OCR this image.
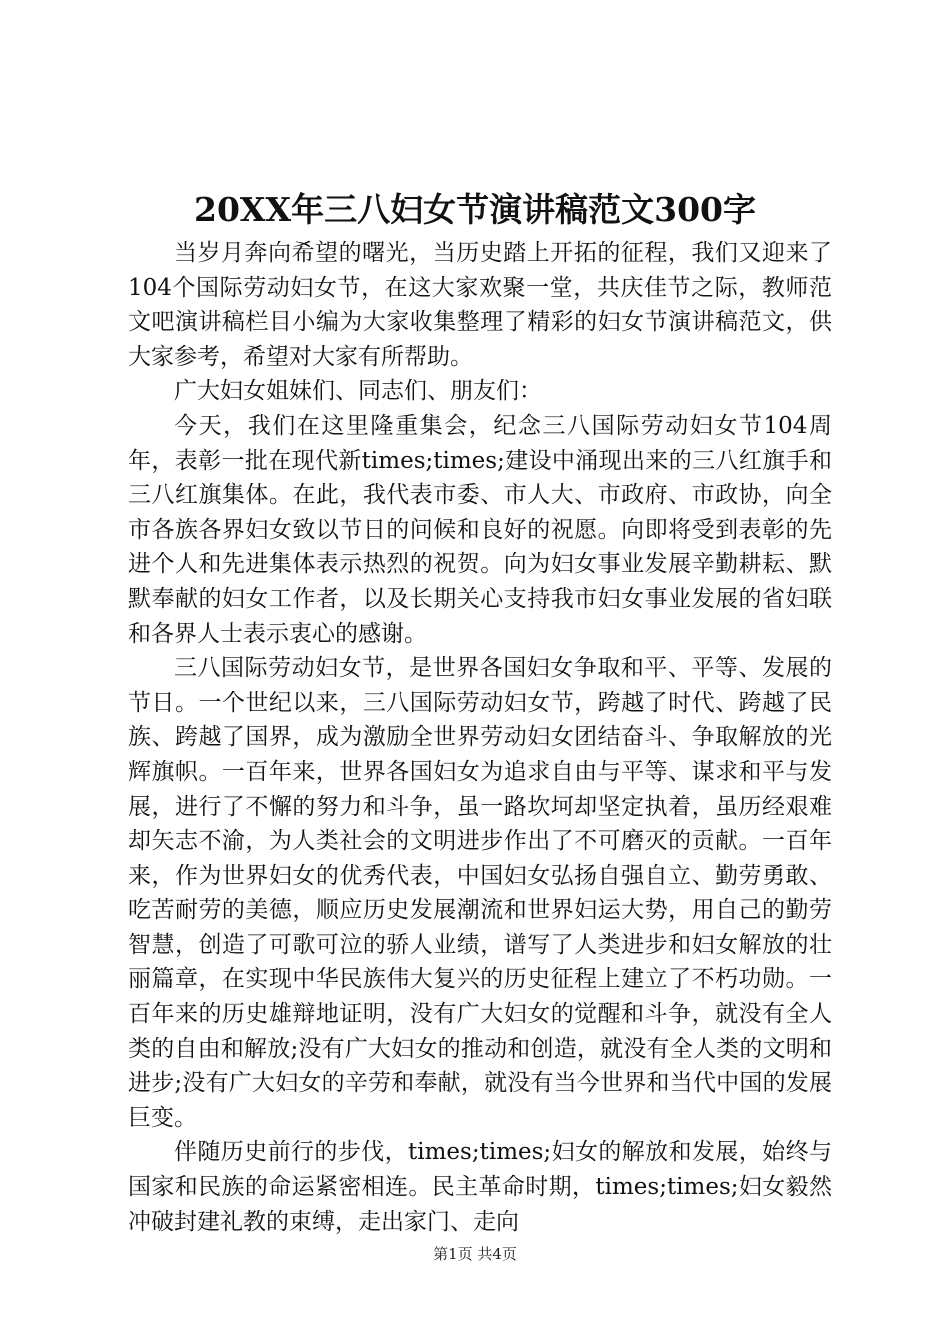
20XX年三八妇女节演讲稿范文300字

当岁月奔向希望的曙光，当历史踏上开拓的征程，我们又迎来了104个国际劳动妇女节，在这大家欢聚一堂，共庆佳节之际，教师范文吧演讲稿栏目小编为大家收集整理了精彩的妇女节演讲稿范文，供大家参考，希望对大家有所帮助。

广大妇女姐妹们、同志们、朋友们：

今天，我们在这里隆重集会，纪念三八国际劳动妇女节104周年，表彰一批在现代新times;times;建设中涌现出来的三八红旗手和三八红旗集体。在此，我代表市委、市人大、市政府、市政协，向全市各族各界妇女致以节日的问候和良好的祝愿。向即将受到表彰的先进个人和先进集体表示热烈的祝贺。向为妇女事业发展辛勤耕耘、默默奉献的妇女工作者，以及长期关心支持我市妇女事业发展的省妇联和各界人士表示衷心的感谢。

三八国际劳动妇女节，是世界各国妇女争取和平、平等、发展的节日。一个世纪以来，三八国际劳动妇女节，跨越了时代、跨越了民族、跨越了国界，成为激励全世界劳动妇女团结奋斗、争取解放的光辉旗帜。一百年来，世界各国妇女为追求自由与平等、谋求和平与发展，进行了不懈的努力和斗争，虽一路坎坷却坚定执着，虽历经艰难却矢志不渝，为人类社会的文明进步作出了不可磨灭的贡献。一百年来，作为世界妇女的优秀代表，中国妇女弘扬自强自立、勤劳勇敢、吃苦耐劳的美德，顺应历史发展潮流和世界妇运大势，用自己的勤劳智慧，创造了可歌可泣的骄人业绩，谱写了人类进步和妇女解放的壮丽篇章，在实现中华民族伟大复兴的历史征程上建立了不朽功勋。一百年来的历史雄辩地证明，没有广大妇女的觉醒和斗争，就没有全人类的自由和解放;没有广大妇女的推动和创造，就没有全人类的文明和进步;没有广大妇女的辛劳和奉献，就没有当今世界和当代中国的发展巨变。

伴随历史前行的步伐，times;times;妇女的解放和发展，始终与国家和民族的命运紧密相连。民主革命时期，times;times;妇女毅然冲破封建礼教的束缚，走出家门、走向

第1页 共4页
